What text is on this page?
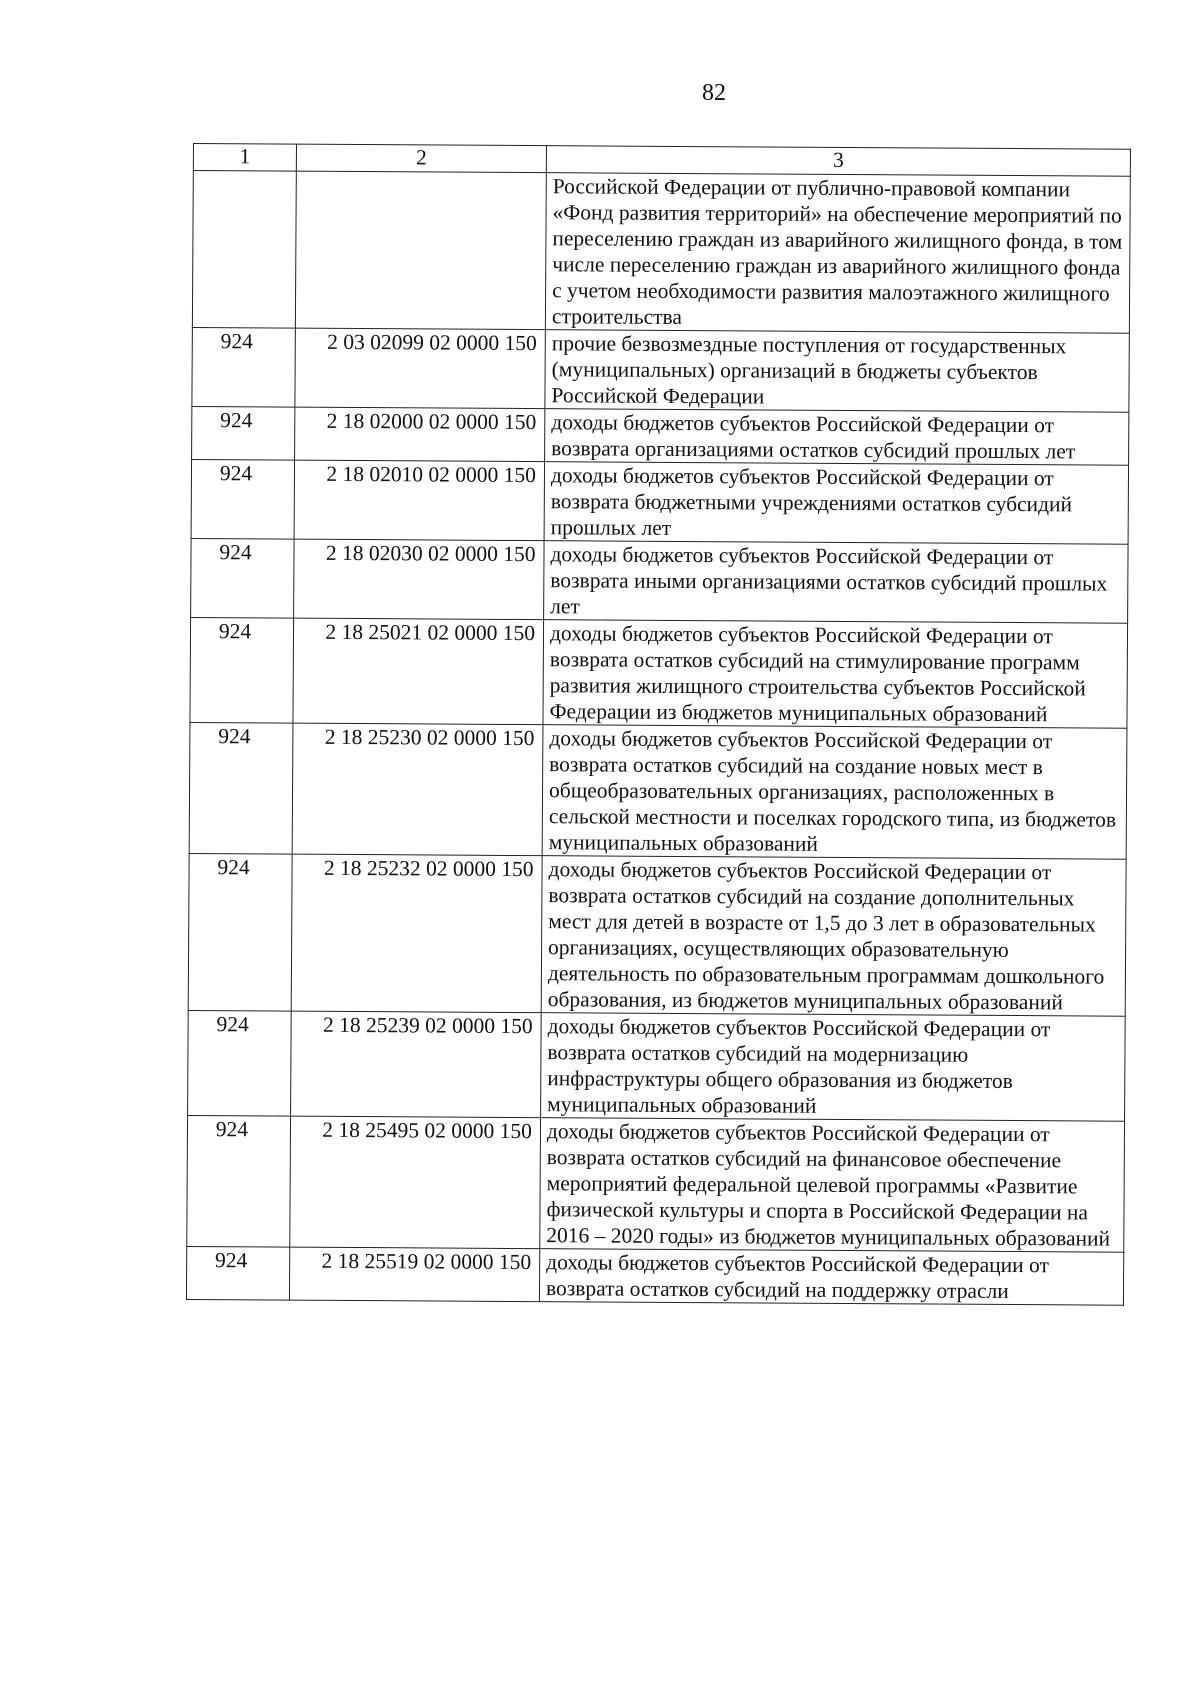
82
1	2	3
		Российской Федерации от публично-правовой компании «Фонд развития территорий» на обеспечение мероприятий по переселению граждан из аварийного жилищного фонда, в том числе переселению граждан из аварийного жилищного фонда с учетом необходимости развития малоэтажного жилищного строительства
924	2 03 02099 02 0000 150	прочие безвозмездные поступления от государственных (муниципальных) организаций в бюджеты субъектов Российской Федерации
924	2 18 02000 02 0000 150	доходы бюджетов субъектов Российской Федерации от возврата организациями остатков субсидий прошлых лет
924	2 18 02010 02 0000 150	доходы бюджетов субъектов Российской Федерации от возврата бюджетными учреждениями остатков субсидий прошлых лет
924	2 18 02030 02 0000 150	доходы бюджетов субъектов Российской Федерации от возврата иными организациями остатков субсидий прошлых лет
924	2 18 25021 02 0000 150	доходы бюджетов субъектов Российской Федерации от возврата остатков субсидий на стимулирование программ развития жилищного строительства субъектов Российской Федерации из бюджетов муниципальных образований
924	2 18 25230 02 0000 150	доходы бюджетов субъектов Российской Федерации от возврата остатков субсидий на создание новых мест в общеобразовательных организациях, расположенных в сельской местности и поселках городского типа, из бюджетов муниципальных образований
924	2 18 25232 02 0000 150	доходы бюджетов субъектов Российской Федерации от возврата остатков субсидий на создание дополнительных мест для детей в возрасте от 1,5 до 3 лет в образовательных организациях, осуществляющих образовательную деятельность по образовательным программам дошкольного образования, из бюджетов муниципальных образований
924	2 18 25239 02 0000 150	доходы бюджетов субъектов Российской Федерации от возврата остатков субсидий на модернизацию инфраструктуры общего образования из бюджетов муниципальных образований
924	2 18 25495 02 0000 150	доходы бюджетов субъектов Российской Федерации от возврата остатков субсидий на финансовое обеспечение мероприятий федеральной целевой программы «Развитие физической культуры и спорта в Российской Федерации на 2016 – 2020 годы» из бюджетов муниципальных образований
924	2 18 25519 02 0000 150	доходы бюджетов субъектов Российской Федерации от возврата остатков субсидий на поддержку отрасли
